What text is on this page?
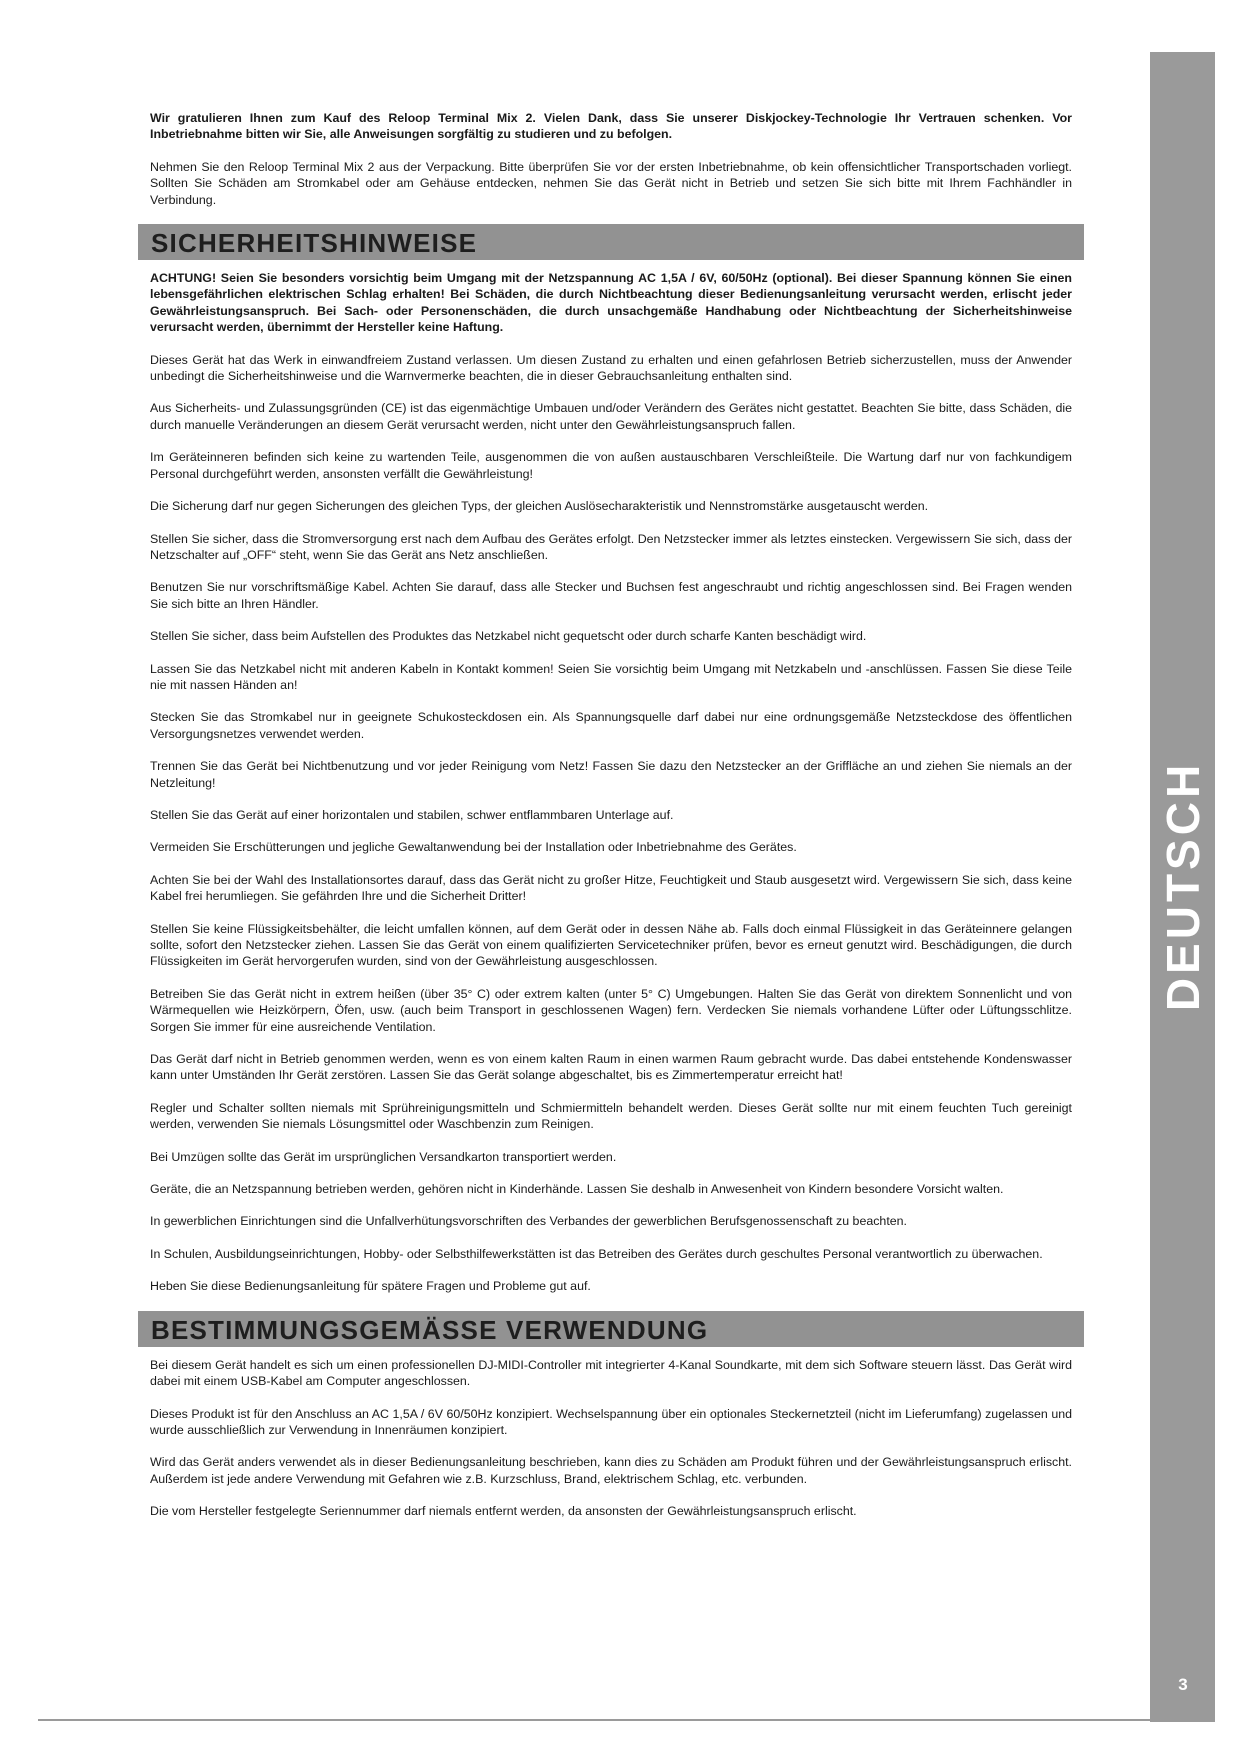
DEUTSCH
3

Wir gratulieren Ihnen zum Kauf des Reloop Terminal Mix 2. Vielen Dank, dass Sie unserer Diskjockey-Technologie Ihr Vertrauen schenken. Vor Inbetriebnahme bitten wir Sie, alle Anweisungen sorgfältig zu studieren und zu befolgen.

Nehmen Sie den Reloop Terminal Mix 2 aus der Verpackung. Bitte überprüfen Sie vor der ersten Inbetriebnahme, ob kein offensichtlicher Transportschaden vorliegt. Sollten Sie Schäden am Stromkabel oder am Gehäuse entdecken, nehmen Sie das Gerät nicht in Betrieb und setzen Sie sich bitte mit Ihrem Fachhändler in Verbindung.

SICHERHEITSHINWEISE

ACHTUNG! Seien Sie besonders vorsichtig beim Umgang mit der Netzspannung AC 1,5A / 6V, 60/50Hz (optional). Bei dieser Spannung können Sie einen lebensgefährlichen elektrischen Schlag erhalten! Bei Schäden, die durch Nichtbeachtung dieser Bedienungsanleitung verursacht werden, erlischt jeder Gewährleistungsanspruch. Bei Sach- oder Personenschäden, die durch unsachgemäße Handhabung oder Nichtbeachtung der Sicherheitshinweise verursacht werden, übernimmt der Hersteller keine Haftung.

Dieses Gerät hat das Werk in einwandfreiem Zustand verlassen. Um diesen Zustand zu erhalten und einen gefahrlosen Betrieb sicherzustellen, muss der Anwender unbedingt die Sicherheitshinweise und die Warnvermerke beachten, die in dieser Gebrauchsanleitung enthalten sind.

Aus Sicherheits- und Zulassungsgründen (CE) ist das eigenmächtige Umbauen und/oder Verändern des Gerätes nicht gestattet. Beachten Sie bitte, dass Schäden, die durch manuelle Veränderungen an diesem Gerät verursacht werden, nicht unter den Gewährleistungsanspruch fallen.

Im Geräteinneren befinden sich keine zu wartenden Teile, ausgenommen die von außen austauschbaren Verschleißteile. Die Wartung darf nur von fachkundigem Personal durchgeführt werden, ansonsten verfällt die Gewährleistung!

Die Sicherung darf nur gegen Sicherungen des gleichen Typs, der gleichen Auslösecharakteristik und Nennstromstärke ausgetauscht werden.

Stellen Sie sicher, dass die Stromversorgung erst nach dem Aufbau des Gerätes erfolgt. Den Netzstecker immer als letztes einstecken. Vergewissern Sie sich, dass der Netzschalter auf „OFF“ steht, wenn Sie das Gerät ans Netz anschließen.

Benutzen Sie nur vorschriftsmäßige Kabel. Achten Sie darauf, dass alle Stecker und Buchsen fest angeschraubt und richtig angeschlossen sind. Bei Fragen wenden Sie sich bitte an Ihren Händler.

Stellen Sie sicher, dass beim Aufstellen des Produktes das Netzkabel nicht gequetscht oder durch scharfe Kanten beschädigt wird.

Lassen Sie das Netzkabel nicht mit anderen Kabeln in Kontakt kommen! Seien Sie vorsichtig beim Umgang mit Netzkabeln und -anschlüssen. Fassen Sie diese Teile nie mit nassen Händen an!

Stecken Sie das Stromkabel nur in geeignete Schukosteckdosen ein. Als Spannungsquelle darf dabei nur eine ordnungsgemäße Netzsteckdose des öffentlichen Versorgungsnetzes verwendet werden.

Trennen Sie das Gerät bei Nichtbenutzung und vor jeder Reinigung vom Netz! Fassen Sie dazu den Netzstecker an der Griffläche an und ziehen Sie niemals an der Netzleitung!

Stellen Sie das Gerät auf einer horizontalen und stabilen, schwer entflammbaren Unterlage auf.

Vermeiden Sie Erschütterungen und jegliche Gewaltanwendung bei der Installation oder Inbetriebnahme des Gerätes.

Achten Sie bei der Wahl des Installationsortes darauf, dass das Gerät nicht zu großer Hitze, Feuchtigkeit und Staub ausgesetzt wird. Vergewissern Sie sich, dass keine Kabel frei herumliegen. Sie gefährden Ihre und die Sicherheit Dritter!

Stellen Sie keine Flüssigkeitsbehälter, die leicht umfallen können, auf dem Gerät oder in dessen Nähe ab. Falls doch einmal Flüssigkeit in das Geräteinnere gelangen sollte, sofort den Netzstecker ziehen. Lassen Sie das Gerät von einem qualifizierten Servicetechniker prüfen, bevor es erneut genutzt wird. Beschädigungen, die durch Flüssigkeiten im Gerät hervorgerufen wurden, sind von der Gewährleistung ausgeschlossen.

Betreiben Sie das Gerät nicht in extrem heißen (über 35° C) oder extrem kalten (unter 5° C) Umgebungen. Halten Sie das Gerät von direktem Sonnenlicht und von Wärmequellen wie Heizkörpern, Öfen, usw. (auch beim Transport in geschlossenen Wagen) fern. Verdecken Sie niemals vorhandene Lüfter oder Lüftungsschlitze. Sorgen Sie immer für eine ausreichende Ventilation.

Das Gerät darf nicht in Betrieb genommen werden, wenn es von einem kalten Raum in einen warmen Raum gebracht wurde. Das dabei entstehende Kondenswasser kann unter Umständen Ihr Gerät zerstören. Lassen Sie das Gerät solange abgeschaltet, bis es Zimmertemperatur erreicht hat!

Regler und Schalter sollten niemals mit Sprühreinigungsmitteln und Schmiermitteln behandelt werden. Dieses Gerät sollte nur mit einem feuchten Tuch gereinigt werden, verwenden Sie niemals Lösungsmittel oder Waschbenzin zum Reinigen.

Bei Umzügen sollte das Gerät im ursprünglichen Versandkarton transportiert werden.

Geräte, die an Netzspannung betrieben werden, gehören nicht in Kinderhände. Lassen Sie deshalb in Anwesenheit von Kindern besondere Vorsicht walten.

In gewerblichen Einrichtungen sind die Unfallverhütungsvorschriften des Verbandes der gewerblichen Berufsgenossenschaft zu beachten.

In Schulen, Ausbildungseinrichtungen, Hobby- oder Selbsthilfewerkstätten ist das Betreiben des Gerätes durch geschultes Personal verantwortlich zu überwachen.

Heben Sie diese Bedienungsanleitung für spätere Fragen und Probleme gut auf.

BESTIMMUNGSGEMÄSSE VERWENDUNG

Bei diesem Gerät handelt es sich um einen professionellen DJ-MIDI-Controller mit integrierter 4-Kanal Soundkarte, mit dem sich Software steuern lässt. Das Gerät wird dabei mit einem USB-Kabel am Computer angeschlossen.

Dieses Produkt ist für den Anschluss an AC 1,5A / 6V 60/50Hz konzipiert. Wechselspannung über ein optionales Steckernetzteil (nicht im Lieferumfang) zugelassen und wurde ausschließlich zur Verwendung in Innenräumen konzipiert.

Wird das Gerät anders verwendet als in dieser Bedienungsanleitung beschrieben, kann dies zu Schäden am Produkt führen und der Gewährleistungsanspruch erlischt. Außerdem ist jede andere Verwendung mit Gefahren wie z.B. Kurzschluss, Brand, elektrischem Schlag, etc. verbunden.

Die vom Hersteller festgelegte Seriennummer darf niemals entfernt werden, da ansonsten der Gewährleistungsanspruch erlischt.
